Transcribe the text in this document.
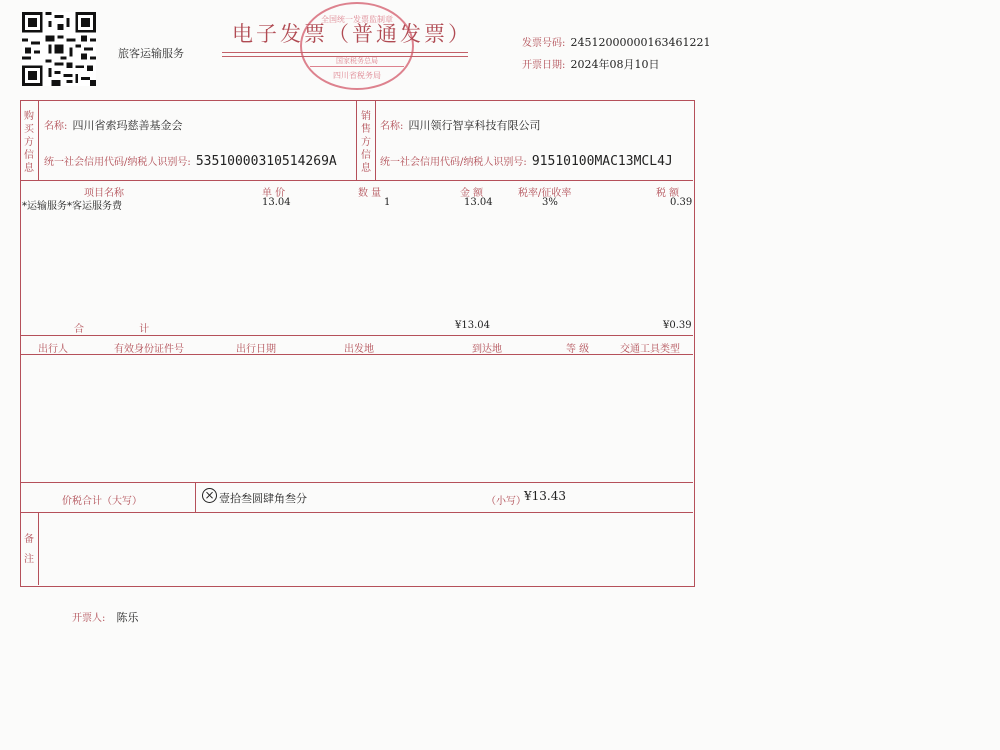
旅客运输服务
全国统一发票监制章
国家税务总局
四川省税务局
电子发票（普通发票）	发票号码: 24512000000163461221
开票日期: 2024年08月10日
购买方信息
销售方信息
名称: 四川省索玛慈善基金会
统一社会信用代码/纳税人识别号: 53510000310514269A
名称: 四川领行智享科技有限公司
统一社会信用代码/纳税人识别号: 91510100MAC13MCL4J
项目名称	单 价	数 量	金 额	税率/征收率	税 额
*运输服务*客运服务费	13.04	1	13.04	3%	0.39
合 计	¥13.04	¥0.39
出行人	有效身份证件号	出行日期	出发地	到达地	等 级	交通工具类型
价税合计（大写）	× 壹拾叁圆肆角叁分	（小写）
¥13.43
备注
开票人: 陈乐
